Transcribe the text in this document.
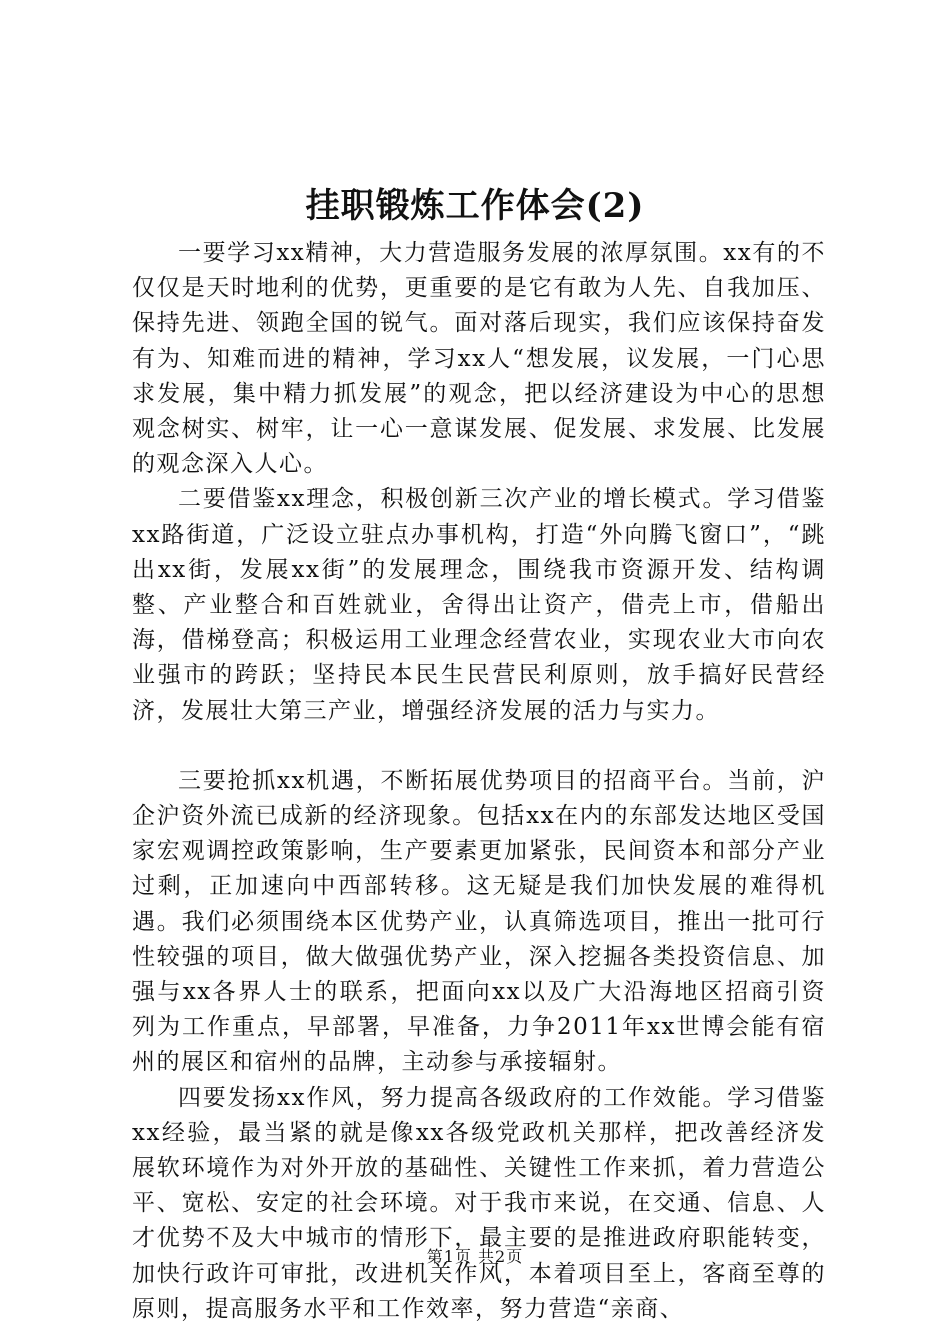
挂职锻炼工作体会(2)

一要学习xx精神，大力营造服务发展的浓厚氛围。xx有的不仅仅是天时地利的优势，更重要的是它有敢为人先、自我加压、保持先进、领跑全国的锐气。面对落后现实，我们应该保持奋发有为、知难而进的精神，学习xx人“想发展，议发展，一门心思求发展，集中精力抓发展”的观念，把以经济建设为中心的思想观念树实、树牢，让一心一意谋发展、促发展、求发展、比发展的观念深入人心。

二要借鉴xx理念，积极创新三次产业的增长模式。学习借鉴xx路街道，广泛设立驻点办事机构，打造“外向腾飞窗口”，“跳出xx街，发展xx街”的发展理念，围绕我市资源开发、结构调整、产业整合和百姓就业，舍得出让资产，借壳上市，借船出海，借梯登高；积极运用工业理念经营农业，实现农业大市向农业强市的跨跃；坚持民本民生民营民利原则，放手搞好民营经济，发展壮大第三产业，增强经济发展的活力与实力。

三要抢抓xx机遇，不断拓展优势项目的招商平台。当前，沪企沪资外流已成新的经济现象。包括xx在内的东部发达地区受国家宏观调控政策影响，生产要素更加紧张，民间资本和部分产业过剩，正加速向中西部转移。这无疑是我们加快发展的难得机遇。我们必须围绕本区优势产业，认真筛选项目，推出一批可行性较强的项目，做大做强优势产业，深入挖掘各类投资信息、加强与xx各界人士的联系，把面向xx以及广大沿海地区招商引资列为工作重点，早部署，早准备，力争2011年xx世博会能有宿州的展区和宿州的品牌，主动参与承接辐射。

四要发扬xx作风，努力提高各级政府的工作效能。学习借鉴xx经验，最当紧的就是像xx各级党政机关那样，把改善经济发展软环境作为对外开放的基础性、关键性工作来抓，着力营造公平、宽松、安定的社会环境。对于我市来说，在交通、信息、人才优势不及大中城市的情形下，最主要的是推进政府职能转变，加快行政许可审批，改进机关作风，本着项目至上，客商至尊的原则，提高服务水平和工作效率，努力营造“亲商、

第1页 共2页
